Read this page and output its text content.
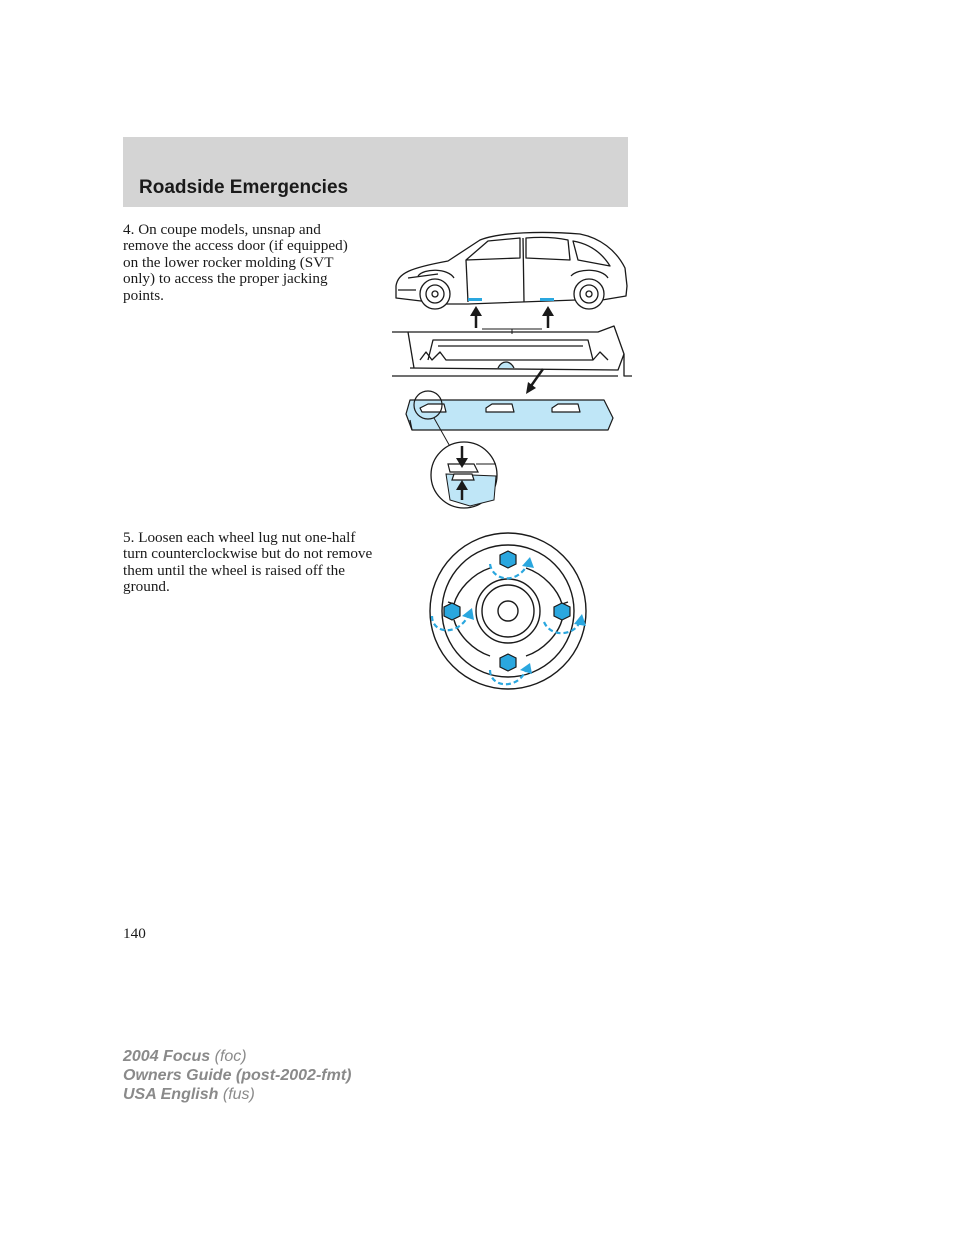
Roadside Emergencies

4. On coupe models, unsnap and remove the access door (if equipped) on the lower rocker molding (SVT only) to access the proper jacking points.

5. Loosen each wheel lug nut one-half turn counterclockwise but do not remove them until the wheel is raised off the ground.

140

2004 Focus (foc)

Owners Guide (post-2002-fmt)

USA English (fus)
